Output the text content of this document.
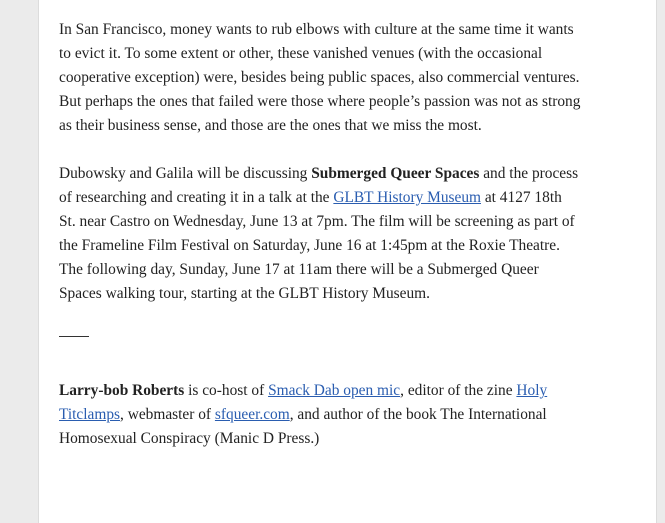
In San Francisco, money wants to rub elbows with culture at the same time it wants to evict it. To some extent or other, these vanished venues (with the occasional cooperative exception) were, besides being public spaces, also commercial ventures. But perhaps the ones that failed were those where people’s passion was not as strong as their business sense, and those are the ones that we miss the most.

Dubowsky and Galila will be discussing Submerged Queer Spaces and the process of researching and creating it in a talk at the GLBT History Museum at 4127 18th St. near Castro on Wednesday, June 13 at 7pm. The film will be screening as part of the Frameline Film Festival on Saturday, June 16 at 1:45pm at the Roxie Theatre. The following day, Sunday, June 17 at 11am there will be a Submerged Queer Spaces walking tour, starting at the GLBT History Museum.

Larry-bob Roberts is co-host of Smack Dab open mic, editor of the zine Holy Titclamps, webmaster of sfqueer.com, and author of the book The International Homosexual Conspiracy (Manic D Press.)
